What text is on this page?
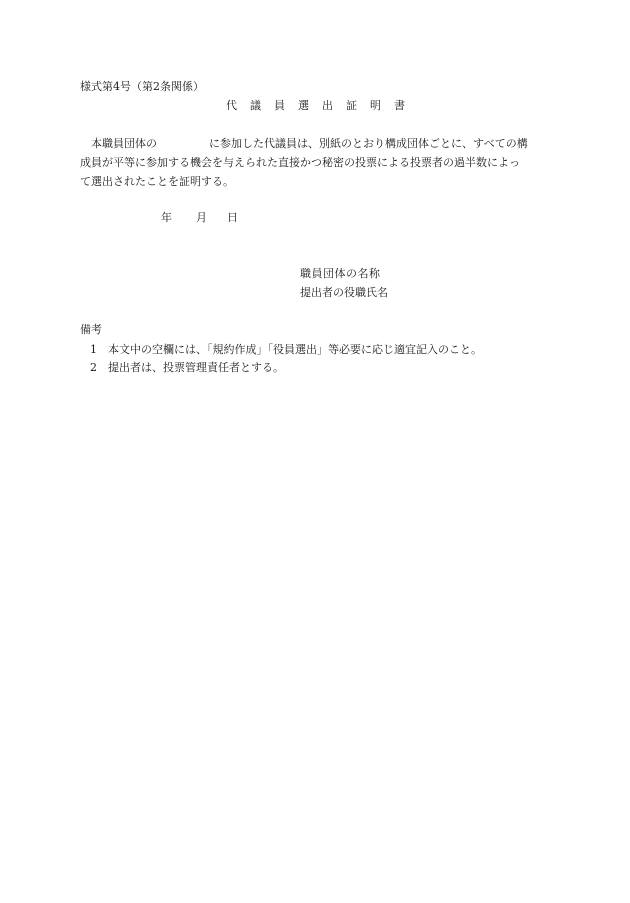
様式第4号（第2条関係）
代　議　員　選　出　証　明　書
本職員団体の	に参加した代議員は、別紙のとおり構成団体ごとに、すべての構
成員が平等に参加する機会を与えられた直接かつ秘密の投票による投票者の過半数によっ
て選出されたことを証明する。
年 月 日
職員団体の名称
提出者の役職氏名
備考
1 本文中の空欄には、「規約作成」「役員選出」等必要に応じ適宜記入のこと。
2 提出者は、投票管理責任者とする。
